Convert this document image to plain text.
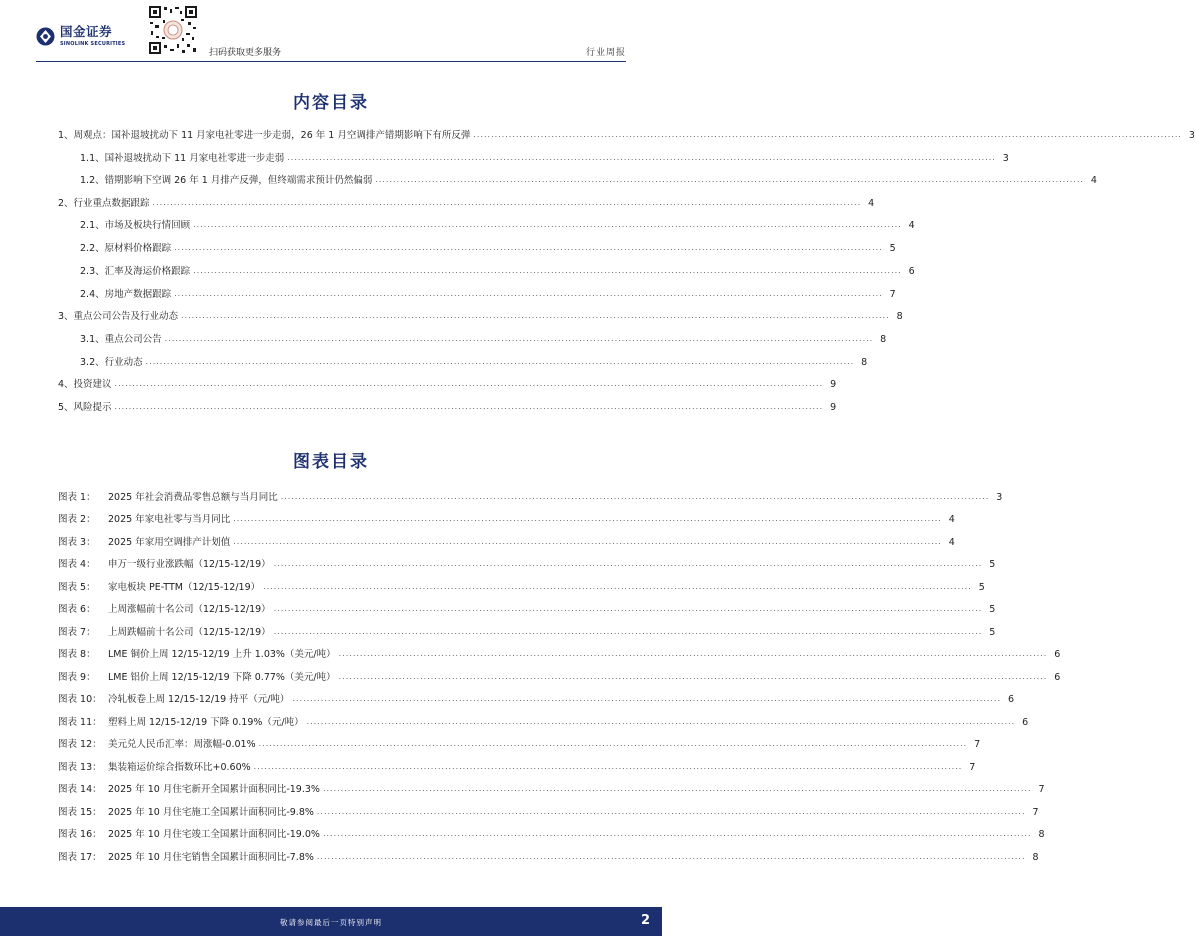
国金证券
SINOLINK SECURITIES
扫码获取更多服务	行业周报
内容目录
1、周观点：国补退坡扰动下 11 月家电社零进一步走弱，26 年 1 月空调排产错期影响下有所反弹 ........................................................................................................................................................................................................ 3
1.1、国补退坡扰动下 11 月家电社零进一步走弱 ........................................................................................................................................................................................................ 3
1.2、错期影响下空调 26 年 1 月排产反弹，但终端需求预计仍然偏弱 ........................................................................................................................................................................................................ 4
2、行业重点数据跟踪 ........................................................................................................................................................................................................ 4
2.1、市场及板块行情回顾 ........................................................................................................................................................................................................ 4
2.2、原材料价格跟踪 ........................................................................................................................................................................................................ 5
2.3、汇率及海运价格跟踪 ........................................................................................................................................................................................................ 6
2.4、房地产数据跟踪 ........................................................................................................................................................................................................ 7
3、重点公司公告及行业动态 ........................................................................................................................................................................................................ 8
3.1、重点公司公告 ........................................................................................................................................................................................................ 8
3.2、行业动态 ........................................................................................................................................................................................................ 8
4、投资建议 ........................................................................................................................................................................................................ 9
5、风险提示 ........................................................................................................................................................................................................ 9
图表目录
图表 1： 2025 年社会消费品零售总额与当月同比 ........................................................................................................................................................................................................ 3
图表 2： 2025 年家电社零与当月同比 ........................................................................................................................................................................................................ 4
图表 3： 2025 年家用空调排产计划值 ........................................................................................................................................................................................................ 4
图表 4： 申万一级行业涨跌幅（12/15-12/19） ........................................................................................................................................................................................................ 5
图表 5： 家电板块 PE-TTM（12/15-12/19） ........................................................................................................................................................................................................ 5
图表 6： 上周涨幅前十名公司（12/15-12/19） ........................................................................................................................................................................................................ 5
图表 7： 上周跌幅前十名公司（12/15-12/19） ........................................................................................................................................................................................................ 5
图表 8： LME 铜价上周 12/15-12/19 上升 1.03%（美元/吨） ........................................................................................................................................................................................................ 6
图表 9： LME 铝价上周 12/15-12/19 下降 0.77%（美元/吨） ........................................................................................................................................................................................................ 6
图表 10： 冷轧板卷上周 12/15-12/19 持平（元/吨） ........................................................................................................................................................................................................ 6
图表 11： 塑料上周 12/15-12/19 下降 0.19%（元/吨） ........................................................................................................................................................................................................ 6
图表 12： 美元兑人民币汇率：周涨幅-0.01% ........................................................................................................................................................................................................ 7
图表 13： 集装箱运价综合指数环比+0.60% ........................................................................................................................................................................................................ 7
图表 14： 2025 年 10 月住宅新开全国累计面积同比-19.3% ........................................................................................................................................................................................................ 7
图表 15： 2025 年 10 月住宅施工全国累计面积同比-9.8% ........................................................................................................................................................................................................ 7
图表 16： 2025 年 10 月住宅竣工全国累计面积同比-19.0% ........................................................................................................................................................................................................ 8
图表 17： 2025 年 10 月住宅销售全国累计面积同比-7.8% ........................................................................................................................................................................................................ 8
敬请参阅最后一页特别声明	2
